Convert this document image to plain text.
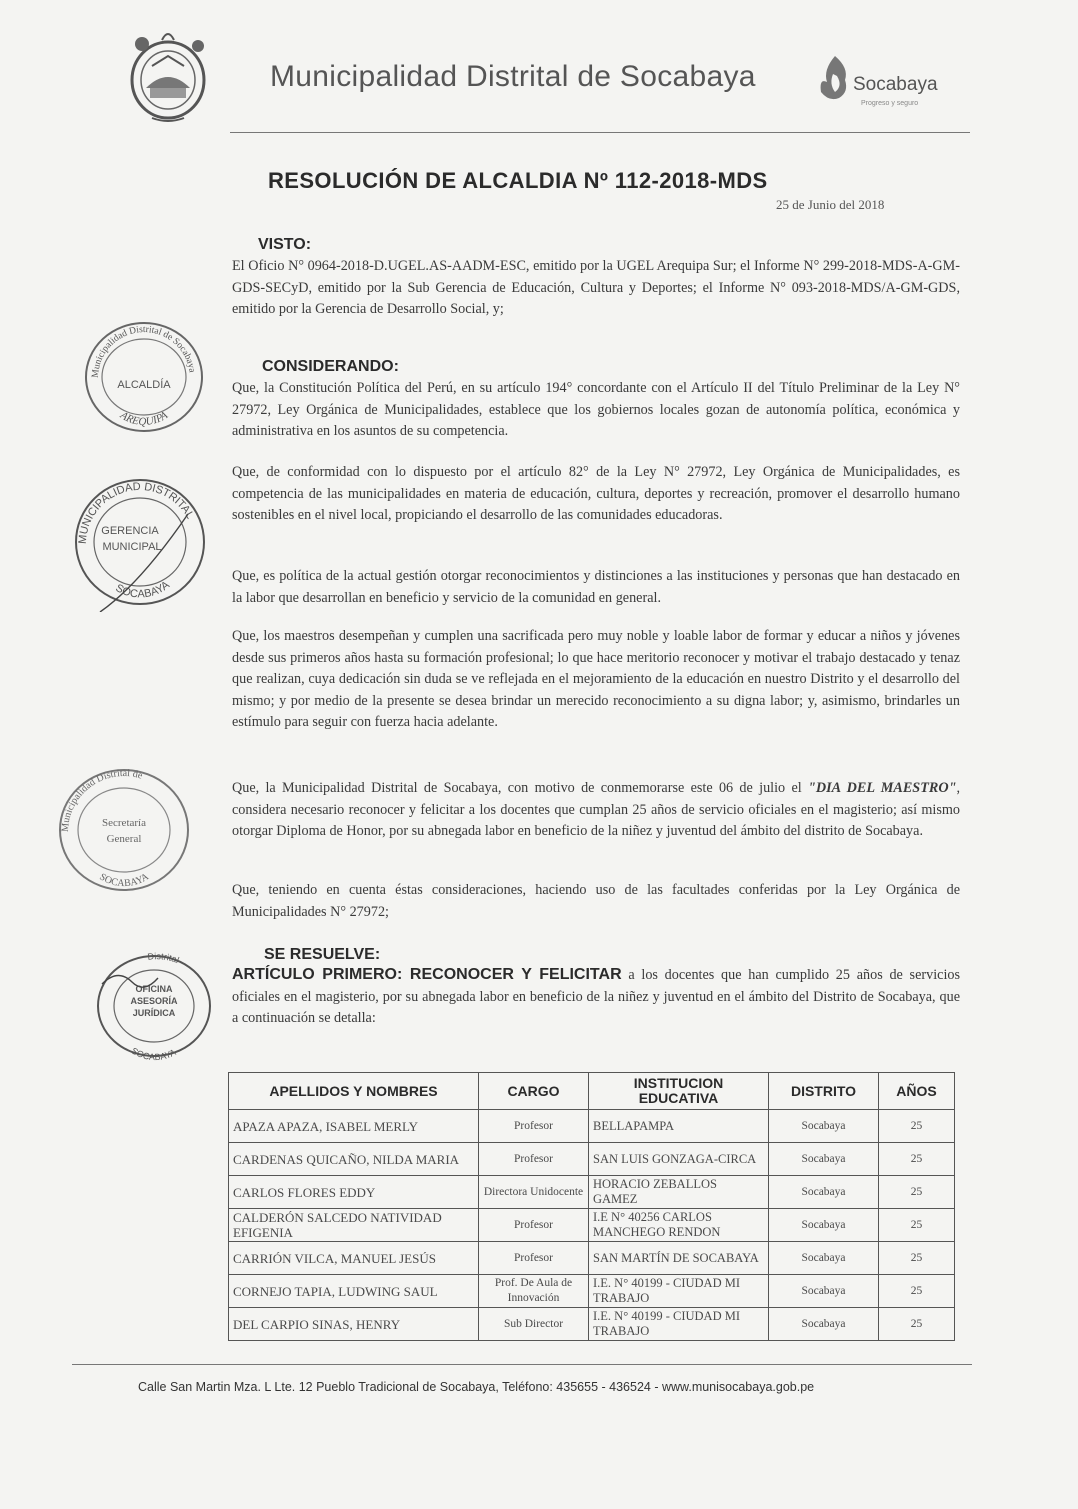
Municipalidad Distrital de Socabaya	Socabaya
Progreso y seguro
RESOLUCIÓN DE ALCALDIA Nº 112-2018-MDS
25 de Junio del 2018
VISTO:
El Oficio N° 0964-2018-D.UGEL.AS-AADM-ESC, emitido por la UGEL Arequipa Sur; el Informe N° 299-2018-MDS-A-GM-GDS-SECyD, emitido por la Sub Gerencia de Educación, Cultura y Deportes; el Informe N° 093-2018-MDS/A-GM-GDS, emitido por la Gerencia de Desarrollo Social, y;
CONSIDERANDO:
Que, la Constitución Política del Perú, en su artículo 194° concordante con el Artículo II del Título Preliminar de la Ley N° 27972, Ley Orgánica de Municipalidades, establece que los gobiernos locales gozan de autonomía política, económica y administrativa en los asuntos de su competencia.
Que, de conformidad con lo dispuesto por el artículo 82° de la Ley N° 27972, Ley Orgánica de Municipalidades, es competencia de las municipalidades en materia de educación, cultura, deportes y recreación, promover el desarrollo humano sostenibles en el nivel local, propiciando el desarrollo de las comunidades educadoras.
Que, es política de la actual gestión otorgar reconocimientos y distinciones a las instituciones y personas que han destacado en la labor que desarrollan en beneficio y servicio de la comunidad en general.
Que, los maestros desempeñan y cumplen una sacrificada pero muy noble y loable labor de formar y educar a niños y jóvenes desde sus primeros años hasta su formación profesional; lo que hace meritorio reconocer y motivar el trabajo destacado y tenaz que realizan, cuya dedicación sin duda se ve reflejada en el mejoramiento de la educación en nuestro Distrito y el desarrollo del mismo; y por medio de la presente se desea brindar un merecido reconocimiento a su digna labor; y, asimismo, brindarles un estímulo para seguir con fuerza hacia adelante.
Que, la Municipalidad Distrital de Socabaya, con motivo de conmemorarse este 06 de julio el "DIA DEL MAESTRO", considera necesario reconocer y felicitar a los docentes que cumplan 25 años de servicio oficiales en el magisterio; así mismo otorgar Diploma de Honor, por su abnegada labor en beneficio de la niñez y juventud del ámbito del distrito de Socabaya.
Que, teniendo en cuenta éstas consideraciones, haciendo uso de las facultades conferidas por la Ley Orgánica de Municipalidades N° 27972;
SE RESUELVE:
ARTÍCULO PRIMERO: RECONOCER Y FELICITAR a los docentes que han cumplido 25 años de servicios oficiales en el magisterio, por su abnegada labor en beneficio de la niñez y juventud en el ámbito del Distrito de Socabaya, que a continuación se detalla:
Municipalidad Distrital de Socabaya
ALCALDÍA
AREQUIPA
MUNICIPALIDAD DISTRITAL
GERENCIA
MUNICIPAL
SOCABAYA
Municipalidad Distrital de
Secretaría
General
SOCABAYA
Distrital
OFICINA
ASESORÍA
JURÍDICA
SOCABAYA
APELLIDOS Y NOMBRES	CARGO	INSTITUCION EDUCATIVA	DISTRITO	AÑOS
APAZA APAZA, ISABEL MERLY	Profesor	BELLAPAMPA	Socabaya	25
CARDENAS QUICAÑO, NILDA MARIA	Profesor	SAN LUIS GONZAGA-CIRCA	Socabaya	25
CARLOS FLORES EDDY	Directora Unidocente	HORACIO ZEBALLOS GAMEZ	Socabaya	25
CALDERÓN SALCEDO NATIVIDAD EFIGENIA	Profesor	I.E N° 40256 CARLOS MANCHEGO RENDON	Socabaya	25
CARRIÓN VILCA, MANUEL JESÚS	Profesor	SAN MARTÍN DE SOCABAYA	Socabaya	25
CORNEJO TAPIA, LUDWING SAUL	Prof. De Aula de Innovación	I.E. N° 40199 - CIUDAD MI TRABAJO	Socabaya	25
DEL CARPIO SINAS, HENRY	Sub Director	I.E. N° 40199 - CIUDAD MI TRABAJO	Socabaya	25
Calle San Martin Mza. L Lte. 12 Pueblo Tradicional de Socabaya, Teléfono: 435655 - 436524 - www.munisocabaya.gob.pe
